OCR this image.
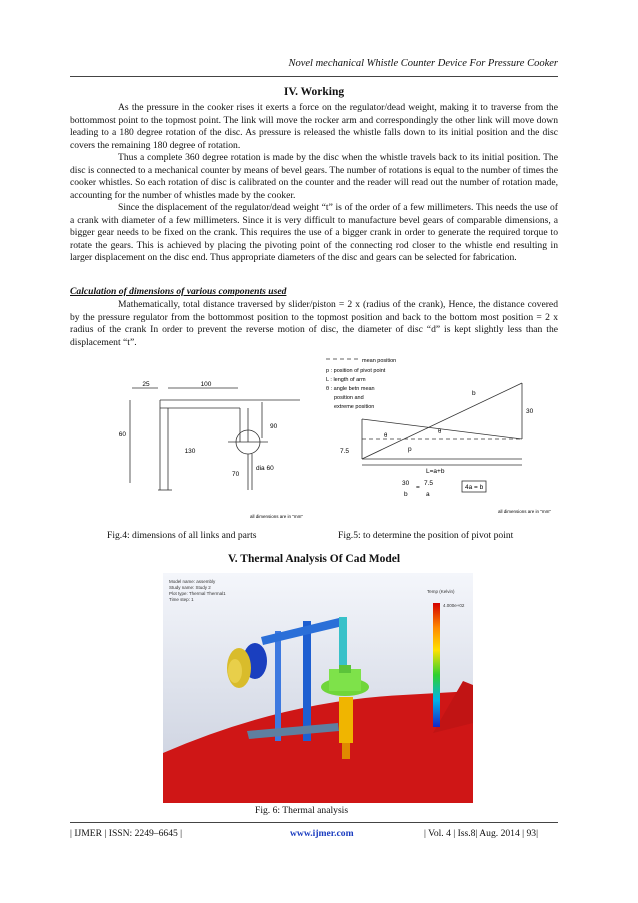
Novel mechanical Whistle Counter Device For Pressure Cooker
IV. Working

As the pressure in the cooker rises it exerts a force on the regulator/dead weight, making it to traverse from the bottommost point to the topmost point. The link will move the rocker arm and correspondingly the other link will move down leading to a 180 degree rotation of the disc. As pressure is released the whistle falls down to its initial position and the disc covers the remaining 180 degree of rotation.

Thus a complete 360 degree rotation is made by the disc when the whistle travels back to its initial position. The disc is connected to a mechanical counter by means of bevel gears. The number of rotations is equal to the number of times the cooker whistles. So each rotation of disc is calibrated on the counter and the reader will read out the number of rotation made, accounting for the number of whistles made by the cooker.

Since the displacement of the regulator/dead weight “t” is of the order of a few millimeters. This needs the use of a crank with diameter of a few millimeters. Since it is very difficult to manufacture bevel gears of comparable dimensions, a bigger gear needs to be fixed on the crank. This requires the use of a bigger crank in order to generate the required torque to rotate the gears. This is achieved by placing the pivoting point of the connecting rod closer to the whistle end resulting in larger displacement on the disc end. Thus appropriate diameters of the disc and gears can be selected for fabrication.

Calculation of dimensions of various components used

Mathematically, total distance traversed by slider/piston = 2 x (radius of the crank), Hence, the distance covered by the pressure regulator from the bottommost position to the topmost position and back to the bottom most position = 2 x radius of the crank In order to prevent the reverse motion of disc, the diameter of disc “d” is kept slightly less than the displacement “t”.

25	100
60
130
90
70
dia 60
all dimensions are in "mm"
mean position
p : position of pivot point
L : length of arm
θ : angle betn mean
position and
extreme position
b
30
7.5	p
θ
θ
L=a+b
30
=
7.5
b	a
4a = b
all dimensions are in "mm"
Fig.4: dimensions of all links and parts	Fig.5: to determine the position of pivot point
V. Thermal Analysis Of Cad Model
Model name: assembly
Study name: Study 2
Plot type: Thermal Thermal1
Time step: 1
Temp (Kelvin)
4.000e+02
Fig. 6: Thermal analysis
| IJMER | ISSN: 2249–6645 |	www.ijmer.com	| Vol. 4 | Iss.8| Aug. 2014 | 93|
